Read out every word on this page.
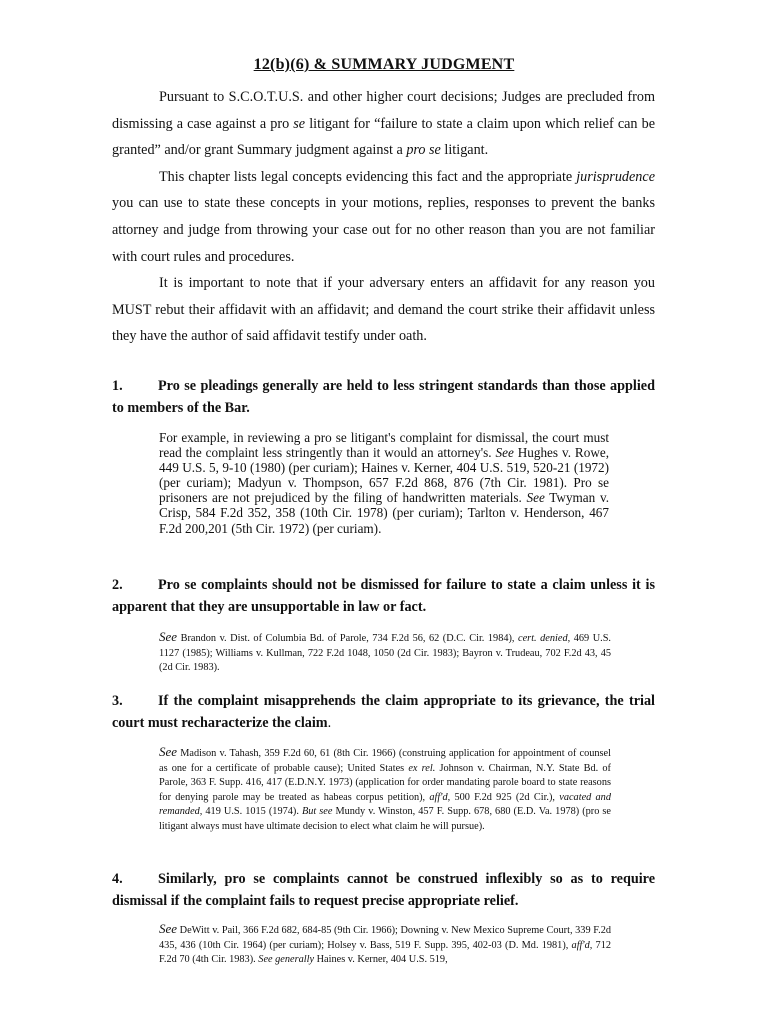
12(b)(6) & SUMMARY JUDGMENT

Pursuant to S.C.O.T.U.S. and other higher court decisions; Judges are precluded from dismissing a case against a pro se litigant for “failure to state a claim upon which relief can be granted” and/or grant Summary judgment against a pro se litigant.

This chapter lists legal concepts evidencing this fact and the appropriate jurisprudence you can use to state these concepts in your motions, replies, responses to prevent the banks attorney and judge from throwing your case out for no other reason than you are not familiar with court rules and procedures.

It is important to note that if your adversary enters an affidavit for any reason you MUST rebut their affidavit with an affidavit; and demand the court strike their affidavit unless they have the author of said affidavit testify under oath.

1. Pro se pleadings generally are held to less stringent standards than those applied to members of the Bar.
For example, in reviewing a pro se litigant's complaint for dismissal, the court must read the complaint less stringently than it would an attorney's. See Hughes v. Rowe, 449 U.S. 5, 9-10 (1980) (per curiam); Haines v. Kerner, 404 U.S. 519, 520-21 (1972) (per curiam); Madyun v. Thompson, 657 F.2d 868, 876 (7th Cir. 1981). Pro se prisoners are not prejudiced by the filing of handwritten materials. See Twyman v. Crisp, 584 F.2d 352, 358 (10th Cir. 1978) (per curiam); Tarlton v. Henderson, 467 F.2d 200,201 (5th Cir. 1972) (per curiam).
2. Pro se complaints should not be dismissed for failure to state a claim unless it is apparent that they are unsupportable in law or fact.
See Brandon v. Dist. of Columbia Bd. of Parole, 734 F.2d 56, 62 (D.C. Cir. 1984), cert. denied, 469 U.S. 1127 (1985); Williams v. Kullman, 722 F.2d 1048, 1050 (2d Cir. 1983); Bayron v. Trudeau, 702 F.2d 43, 45 (2d Cir. 1983).
3. If the complaint misapprehends the claim appropriate to its grievance, the trial court must recharacterize the claim.
See Madison v. Tahash, 359 F.2d 60, 61 (8th Cir. 1966) (construing application for appointment of counsel as one for a certificate of probable cause); United States ex rel. Johnson v. Chairman, N.Y. State Bd. of Parole, 363 F. Supp. 416, 417 (E.D.N.Y. 1973) (application for order mandating parole board to state reasons for denying parole may be treated as habeas corpus petition), aff'd, 500 F.2d 925 (2d Cir.), vacated and remanded, 419 U.S. 1015 (1974). But see Mundy v. Winston, 457 F. Supp. 678, 680 (E.D. Va. 1978) (pro se litigant always must have ultimate decision to elect what claim he will pursue).
4. Similarly, pro se complaints cannot be construed inflexibly so as to require dismissal if the complaint fails to request precise appropriate relief.
See DeWitt v. Pail, 366 F.2d 682, 684-85 (9th Cir. 1966); Downing v. New Mexico Supreme Court, 339 F.2d 435, 436 (10th Cir. 1964) (per curiam); Holsey v. Bass, 519 F. Supp. 395, 402-03 (D. Md. 1981), aff'd, 712 F.2d 70 (4th Cir. 1983). See generally Haines v. Kerner, 404 U.S. 519,
